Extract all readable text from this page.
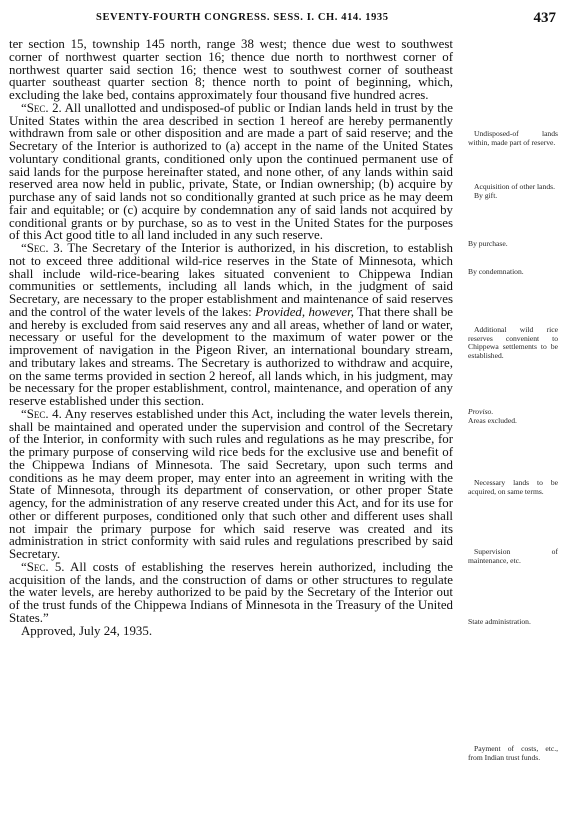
SEVENTY-FOURTH CONGRESS. SESS. I. CH. 414. 1935	437

ter section 15, township 145 north, range 38 west; thence due west to southwest corner of northwest quarter section 16; thence due north to northwest corner of northwest quarter said section 16; thence west to southwest corner of southeast quarter southeast quarter section 8; thence north to point of beginning, which, excluding the lake bed, contains approximately four thousand five hundred acres.

“Sec. 2. All unallotted and undisposed-of public or Indian lands held in trust by the United States within the area described in section 1 hereof are hereby permanently withdrawn from sale or other disposition and are made a part of said reserve; and the Secretary of the Interior is authorized to (a) accept in the name of the United States voluntary conditional grants, conditioned only upon the continued permanent use of said lands for the purpose hereinafter stated, and none other, of any lands within said reserved area now held in public, private, State, or Indian ownership; (b) acquire by purchase any of said lands not so conditionally granted at such price as he may deem fair and equitable; or (c) acquire by condemnation any of said lands not acquired by conditional grants or by purchase, so as to vest in the United States for the purposes of this Act good title to all land included in any such reserve.

“Sec. 3. The Secretary of the Interior is authorized, in his discretion, to establish not to exceed three additional wild-rice reserves in the State of Minnesota, which shall include wild-rice-bearing lakes situated convenient to Chippewa Indian communities or settlements, including all lands which, in the judgment of said Secretary, are necessary to the proper establishment and maintenance of said reserves and the control of the water levels of the lakes: Provided, however, That there shall be and hereby is excluded from said reserves any and all areas, whether of land or water, necessary or useful for the development to the maximum of water power or the improvement of navigation in the Pigeon River, an international boundary stream, and tributary lakes and streams. The Secretary is authorized to withdraw and acquire, on the same terms provided in section 2 hereof, all lands which, in his judgment, may be necessary for the proper establishment, control, maintenance, and operation of any reserve established under this section.

“Sec. 4. Any reserves established under this Act, including the water levels therein, shall be maintained and operated under the supervision and control of the Secretary of the Interior, in conformity with such rules and regulations as he may prescribe, for the primary purpose of conserving wild rice beds for the exclusive use and benefit of the Chippewa Indians of Minnesota. The said Secretary, upon such terms and conditions as he may deem proper, may enter into an agreement in writing with the State of Minnesota, through its department of conservation, or other proper State agency, for the administration of any reserve created under this Act, and for its use for other or different purposes, conditioned only that such other and different uses shall not impair the primary purpose for which said reserve was created and its administration in strict conformity with said rules and regulations prescribed by said Secretary.

“Sec. 5. All costs of establishing the reserves herein authorized, including the acquisition of the lands, and the construction of dams or other structures to regulate the water levels, are hereby authorized to be paid by the Secretary of the Interior out of the trust funds of the Chippewa Indians of Minnesota in the Treasury of the United States.”

Approved, July 24, 1935.

Undisposed-of lands within, made part of reserve.
Acquisition of other lands.
By gift.
By purchase.
By condemnation.
Additional wild rice reserves convenient to Chippewa settlements to be established.
Proviso.
Areas excluded.
Necessary lands to be acquired, on same terms.
Supervision of maintenance, etc.
State administration.
Payment of costs, etc., from Indian trust funds.
